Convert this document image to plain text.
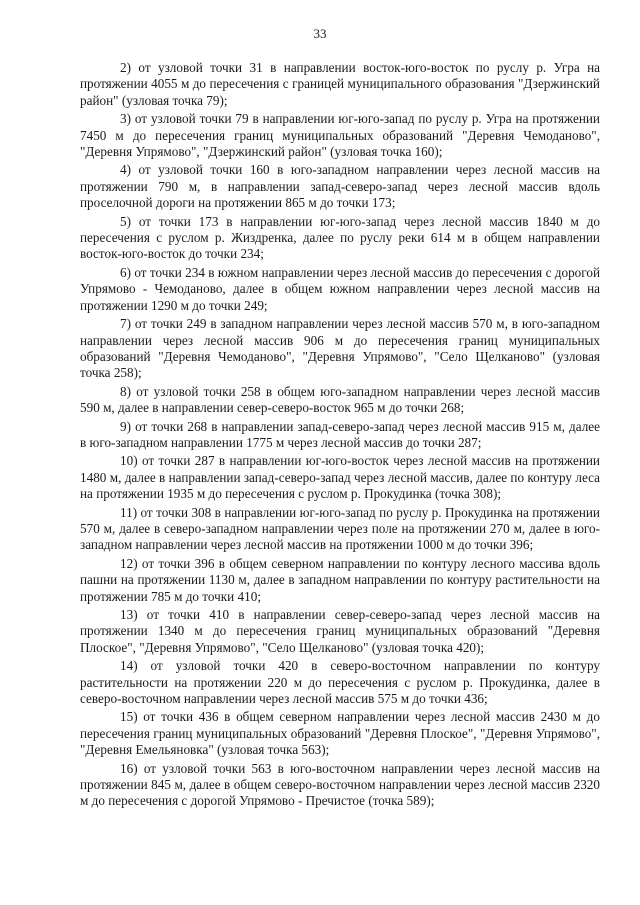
33

2) от узловой точки 31 в направлении восток-юго-восток по руслу р. Угра на протяжении 4055 м до пересечения с границей муниципального образования "Дзержинский район" (узловая точка 79);

3) от узловой точки 79 в направлении юг-юго-запад по руслу р. Угра на протяжении 7450 м до пересечения границ муниципальных образований "Деревня Чемоданово", "Деревня Упрямово", "Дзержинский район" (узловая точка 160);

4) от узловой точки 160 в юго-западном направлении через лесной массив на протяжении 790 м, в направлении запад-северо-запад через лесной массив вдоль проселочной дороги на протяжении 865 м до точки 173;

5) от точки 173 в направлении юг-юго-запад через лесной массив 1840 м до пересечения с руслом р. Жиздренка, далее по руслу реки 614 м в общем направлении восток-юго-восток до точки 234;

6) от точки 234 в южном направлении через лесной массив до пересечения с дорогой Упрямово - Чемоданово, далее в общем южном направлении через лесной массив на протяжении 1290 м до точки 249;

7) от точки 249 в западном направлении через лесной массив 570 м, в юго-западном направлении через лесной массив 906 м до пересечения границ муниципальных образований "Деревня Чемоданово", "Деревня Упрямово", "Село Щелканово" (узловая точка 258);

8) от узловой точки 258 в общем юго-западном направлении через лесной массив 590 м, далее в направлении север-северо-восток 965 м до точки 268;

9) от точки 268 в направлении запад-северо-запад через лесной массив 915 м, далее в юго-западном направлении 1775 м через лесной массив до точки 287;

10) от точки 287 в направлении юг-юго-восток через лесной массив на протяжении 1480 м, далее в направлении запад-северо-запад через лесной массив, далее по контуру леса на протяжении 1935 м до пересечения с руслом р. Прокудинка (точка 308);

11) от точки 308 в направлении юг-юго-запад по руслу р. Прокудинка на протяжении 570 м, далее в северо-западном направлении через поле на протяжении 270 м, далее в юго-западном направлении через лесной массив на протяжении 1000 м до точки 396;

12) от точки 396 в общем северном направлении по контуру лесного массива вдоль пашни на протяжении 1130 м, далее в западном направлении по контуру растительности на протяжении 785 м до точки 410;

13) от точки 410 в направлении север-северо-запад через лесной массив на протяжении 1340 м до пересечения границ муниципальных образований "Деревня Плоское", "Деревня Упрямово", "Село Щелканово" (узловая точка 420);

14) от узловой точки 420 в северо-восточном направлении по контуру растительности на протяжении 220 м до пересечения с руслом р. Прокудинка, далее в северо-восточном направлении через лесной массив 575 м до точки 436;

15) от точки 436 в общем северном направлении через лесной массив 2430 м до пересечения границ муниципальных образований "Деревня Плоское", "Деревня Упрямово", "Деревня Емельяновка" (узловая точка 563);

16) от узловой точки 563 в юго-восточном направлении через лесной массив на протяжении 845 м, далее в общем северо-восточном направлении через лесной массив 2320 м до пересечения с дорогой Упрямово - Пречистое (точка 589);
